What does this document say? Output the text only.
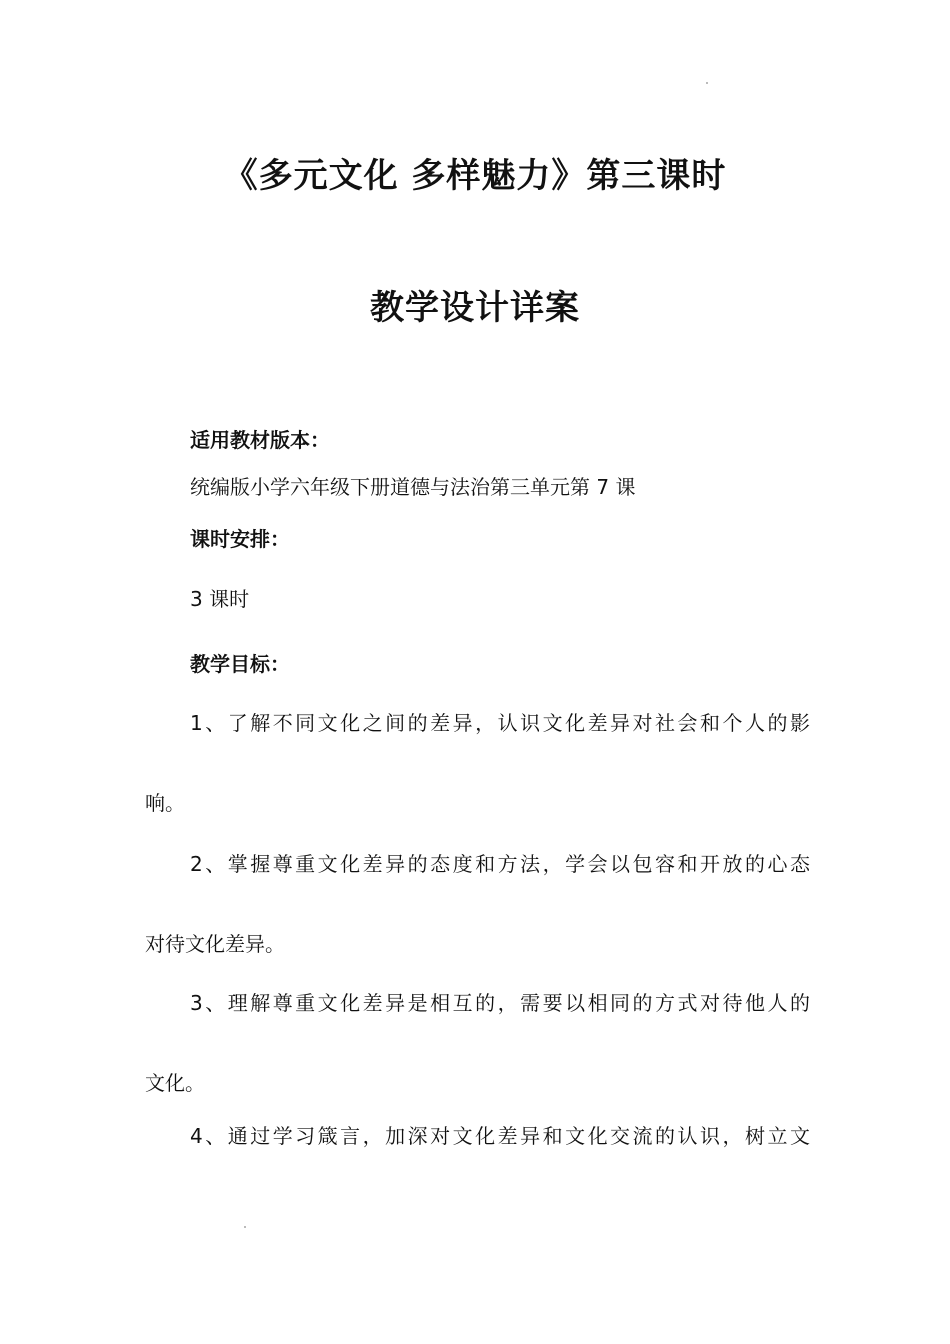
《多元文化 多样魅力》第三课时
教学设计详案
适用教材版本：
统编版小学六年级下册道德与法治第三单元第 7 课
课时安排：
3 课时
教学目标：
1、了解不同文化之间的差异，认识文化差异对社会和个人的影
响。
2、掌握尊重文化差异的态度和方法，学会以包容和开放的心态
对待文化差异。
3、理解尊重文化差异是相互的，需要以相同的方式对待他人的
文化。
4、通过学习箴言，加深对文化差异和文化交流的认识，树立文
